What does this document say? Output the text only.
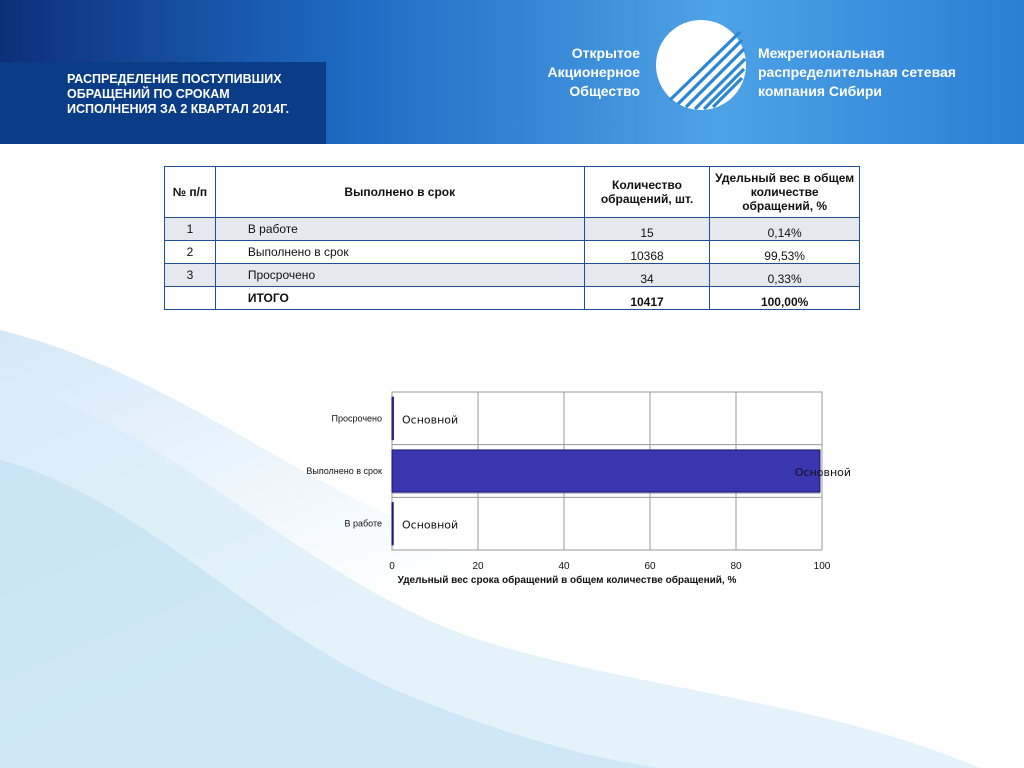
РАСПРЕДЕЛЕНИЕ ПОСТУПИВШИХ ОБРАЩЕНИЙ ПО СРОКАМ ИСПОЛНЕНИЯ ЗА 2 КВАРТАЛ 2014Г.
Открытое
Акционерное
Общество
Межрегиональная
распределительная сетевая
компания Сибири
№ п/п	Выполнено в срок	Количество обращений, шт.	Удельный вес в общем количестве обращений, %
1	В работе	15	0,14%
2	Выполнено в срок	10368	99,53%
3	Просрочено	34	0,33%
	ИТОГО	10417	100,00%
0	20	40	60	80	100
В работе Основной
Выполнено в срок	Основной
Просрочено Основной
Удельный вес срока обращений в общем количестве обращений, %
